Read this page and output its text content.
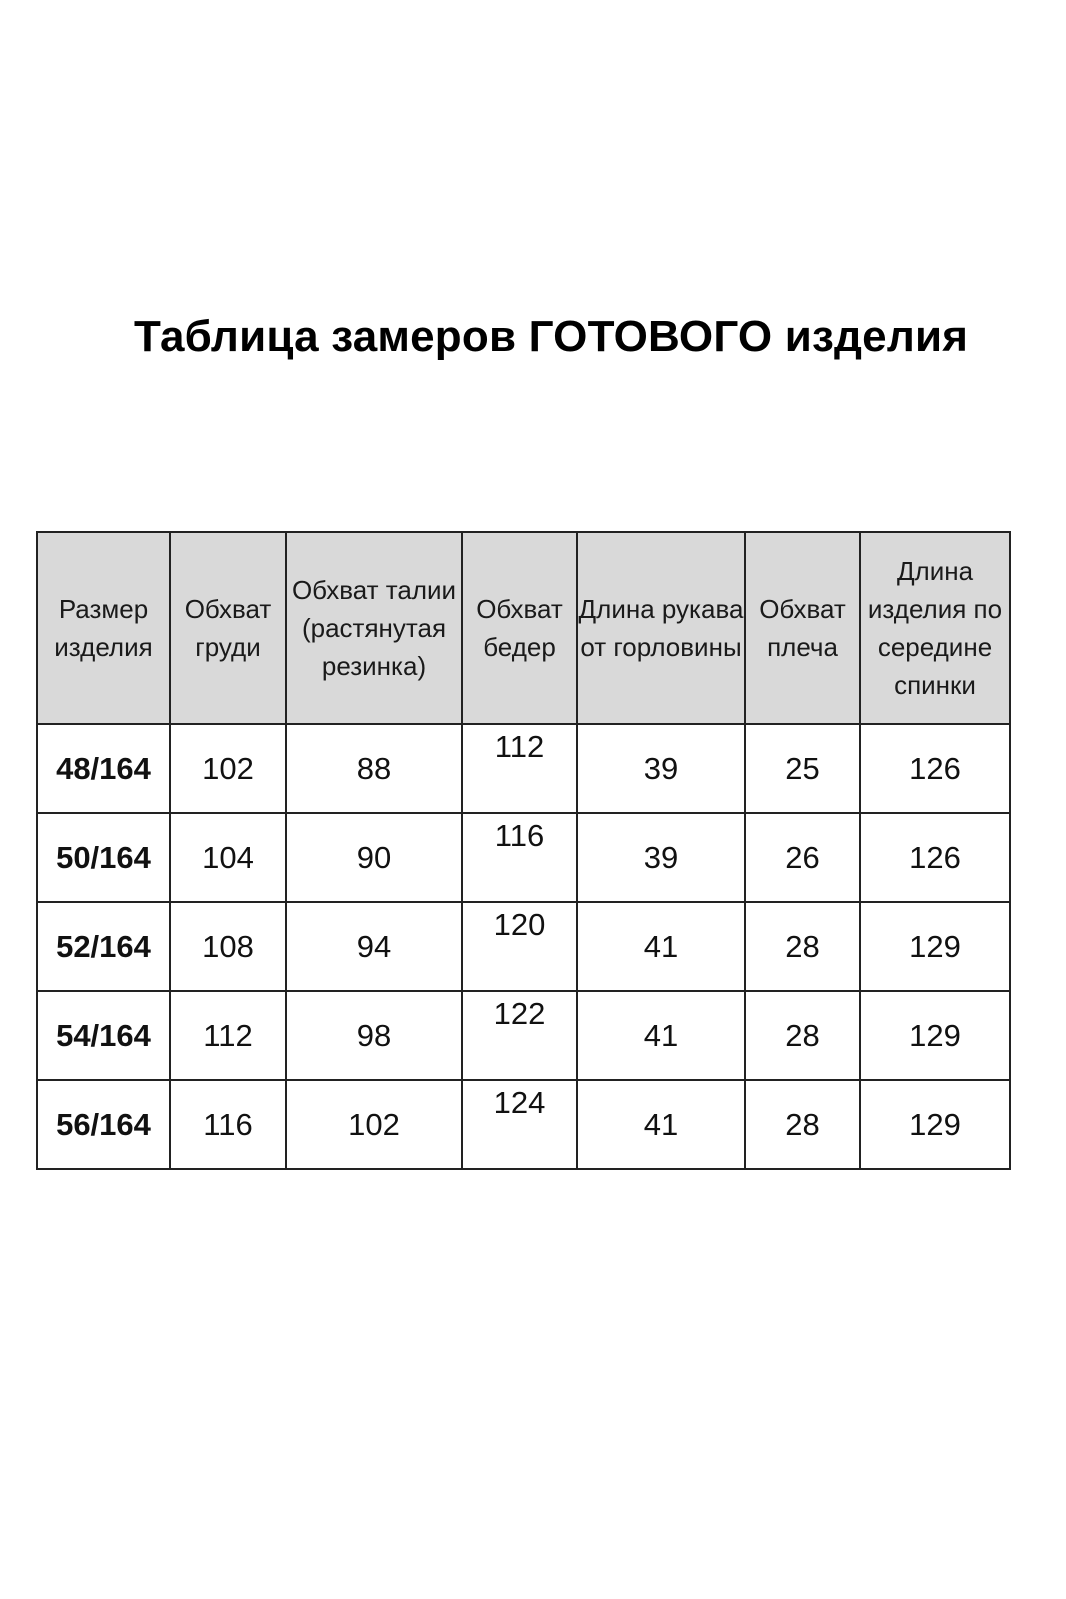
Таблица замеров ГОТОВОГО изделия
Размер изделия	Обхват груди	Обхват талии (растянутая резинка)	Обхват бедер	Длина рукава от горловины	Обхват плеча	Длина изделия по середине спинки
48/164	102	88	112	39	25	126
50/164	104	90	116	39	26	126
52/164	108	94	120	41	28	129
54/164	112	98	122	41	28	129
56/164	116	102	124	41	28	129
